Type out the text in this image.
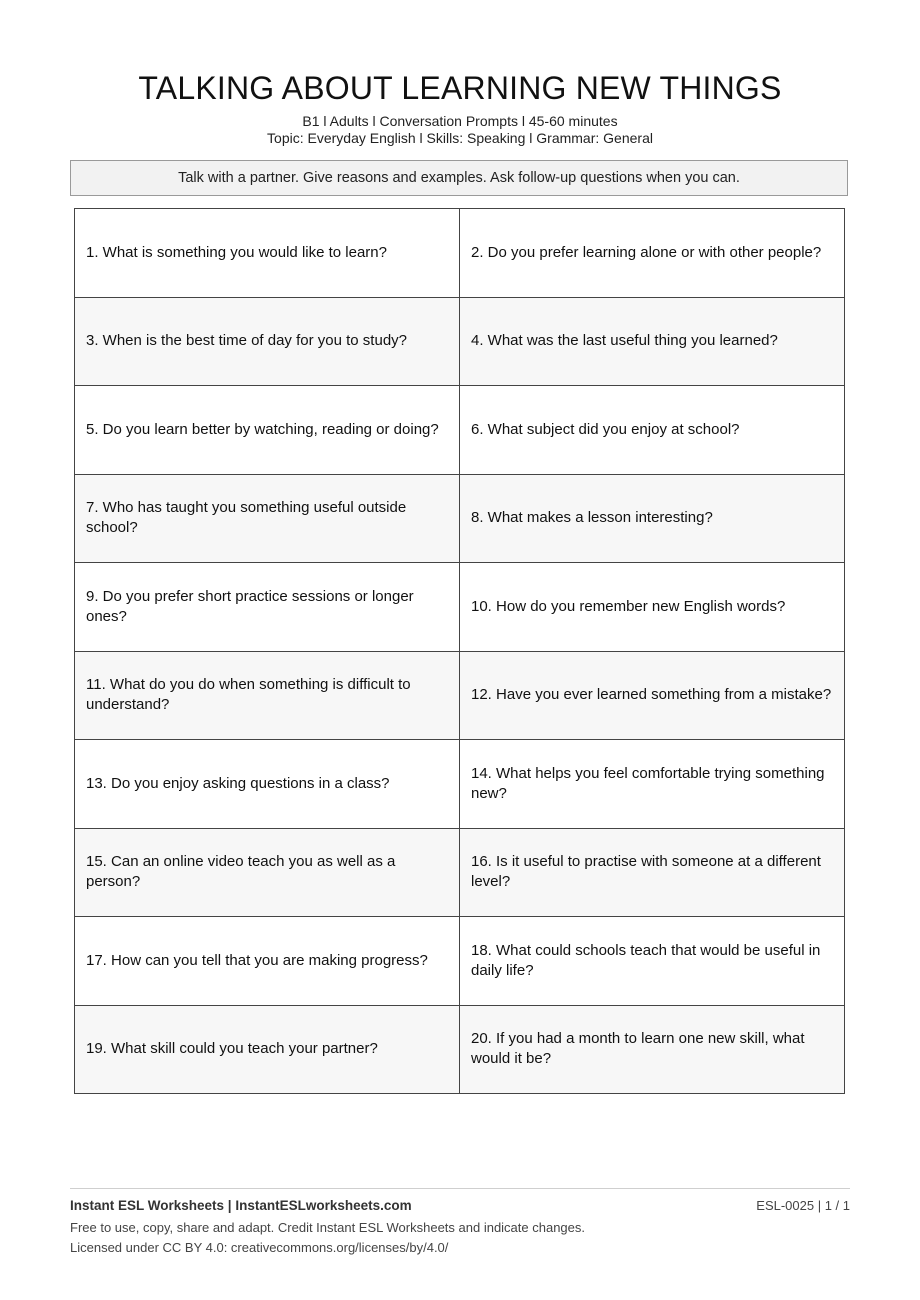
TALKING ABOUT LEARNING NEW THINGS
B1 l Adults l Conversation Prompts l 45-60 minutes
Topic: Everyday English l Skills: Speaking l Grammar: General
Talk with a partner. Give reasons and examples. Ask follow-up questions when you can.
1. What is something you would like to learn?	2. Do you prefer learning alone or with other people?
3. When is the best time of day for you to study?	4. What was the last useful thing you learned?
5. Do you learn better by watching, reading or doing?	6. What subject did you enjoy at school?
7. Who has taught you something useful outside school?	8. What makes a lesson interesting?
9. Do you prefer short practice sessions or longer ones?	10. How do you remember new English words?
11. What do you do when something is difficult to understand?	12. Have you ever learned something from a mistake?
13. Do you enjoy asking questions in a class?	14. What helps you feel comfortable trying something new?
15. Can an online video teach you as well as a person?	16. Is it useful to practise with someone at a different level?
17. How can you tell that you are making progress?	18. What could schools teach that would be useful in daily life?
19. What skill could you teach your partner?	20. If you had a month to learn one new skill, what would it be?
Instant ESL Worksheets | InstantESLworksheets.com	ESL-0025 | 1 / 1
Free to use, copy, share and adapt. Credit Instant ESL Worksheets and indicate changes.
Licensed under CC BY 4.0: creativecommons.org/licenses/by/4.0/
